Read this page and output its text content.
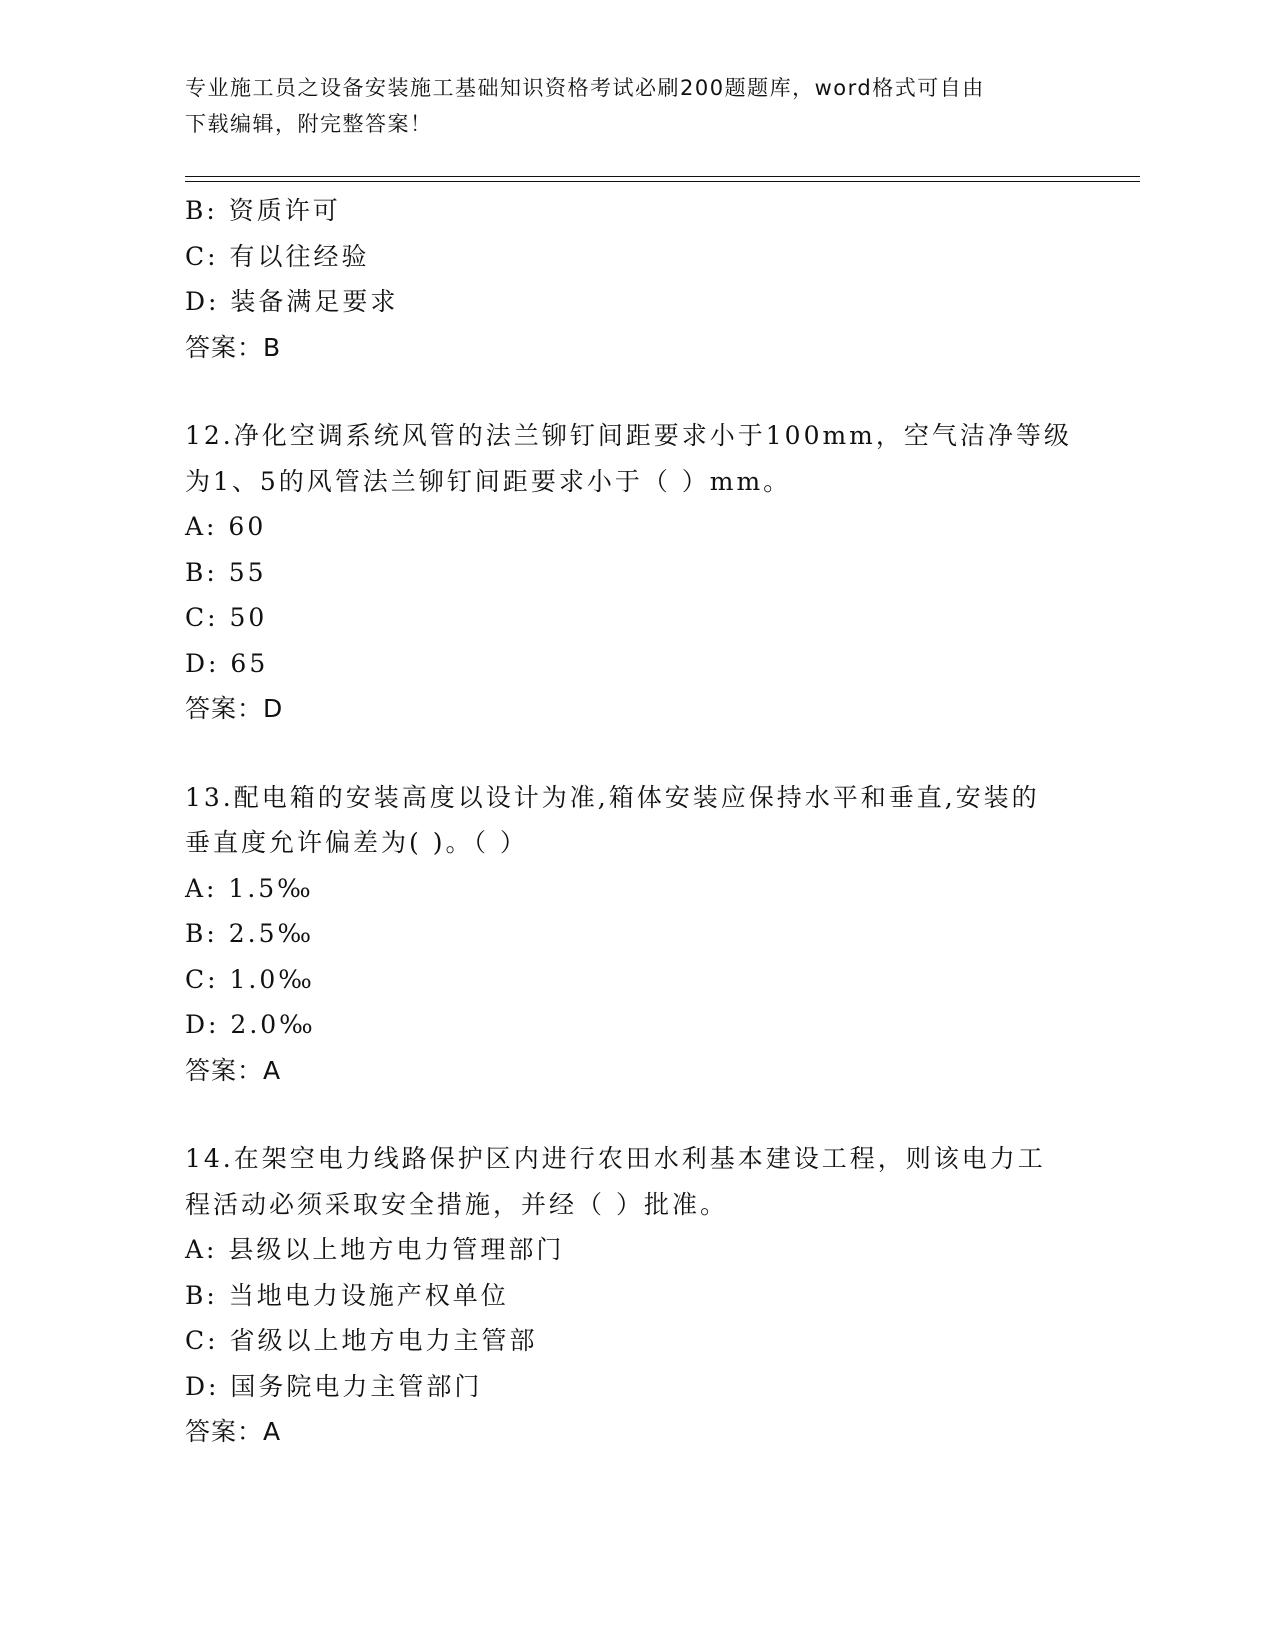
专业施工员之设备安装施工基础知识资格考试必刷200题题库，word格式可自由
下载编辑，附完整答案！
B: 资质许可
C: 有以往经验
D: 装备满足要求
答案：B
12.净化空调系统风管的法兰铆钉间距要求小于100mm，空气洁净等级
为1、5的风管法兰铆钉间距要求小于（ ）mm。
A: 60
B: 55
C: 50
D: 65
答案：D
13.配电箱的安装高度以设计为准,箱体安装应保持水平和垂直,安装的
垂直度允许偏差为( )。（ ）
A: 1.5‰
B: 2.5‰
C: 1.0‰
D: 2.0‰
答案：A
14.在架空电力线路保护区内进行农田水利基本建设工程，则该电力工
程活动必须采取安全措施，并经（ ）批准。
A: 县级以上地方电力管理部门
B: 当地电力设施产权单位
C: 省级以上地方电力主管部
D: 国务院电力主管部门
答案：A
